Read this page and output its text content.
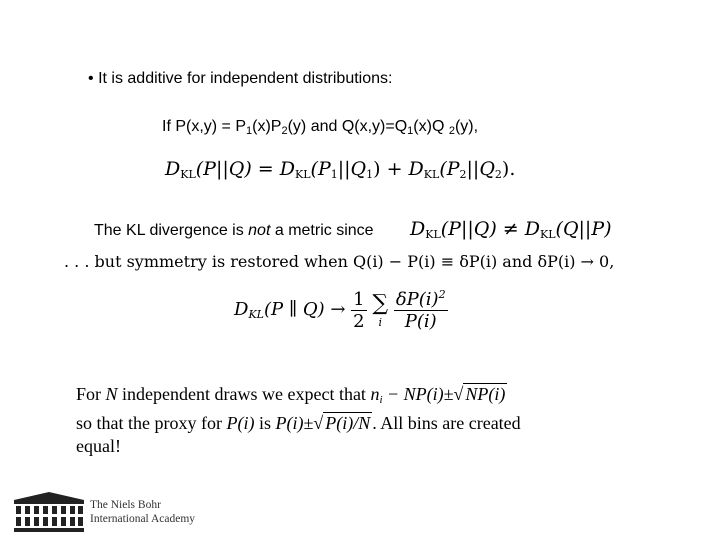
• It is additive for independent distributions:
If $P(x,y) = P_1(x)P_2(y)$ and $Q(x,y)=Q_1(x)Q$ $_2$(y),
$D_{KL}(P||Q) = D_{KL}(P_1||Q_1) + D_{KL}(P_2||Q_2)$.
The KL divergence is not a metric since $D_{KL}(P||Q) \ne D_{KL}(Q||P)$
. . . but symmetry is restored when Q(i) − P(i) ≡ δP(i) and δP(i) → 0,
$D_{KL}(P$ ∥ $Q) \to \frac{1}{2}$
∑
i
$\frac{\delta P(i)^2}{P(i)}$
For N independent draws we expect that $n_i - NP(i)\pm√$ NP(i)
so that the proxy for P(i) is P(i)±√ P(i)/N . All bins are created
equal!
The Niels Bohr
International Academy
